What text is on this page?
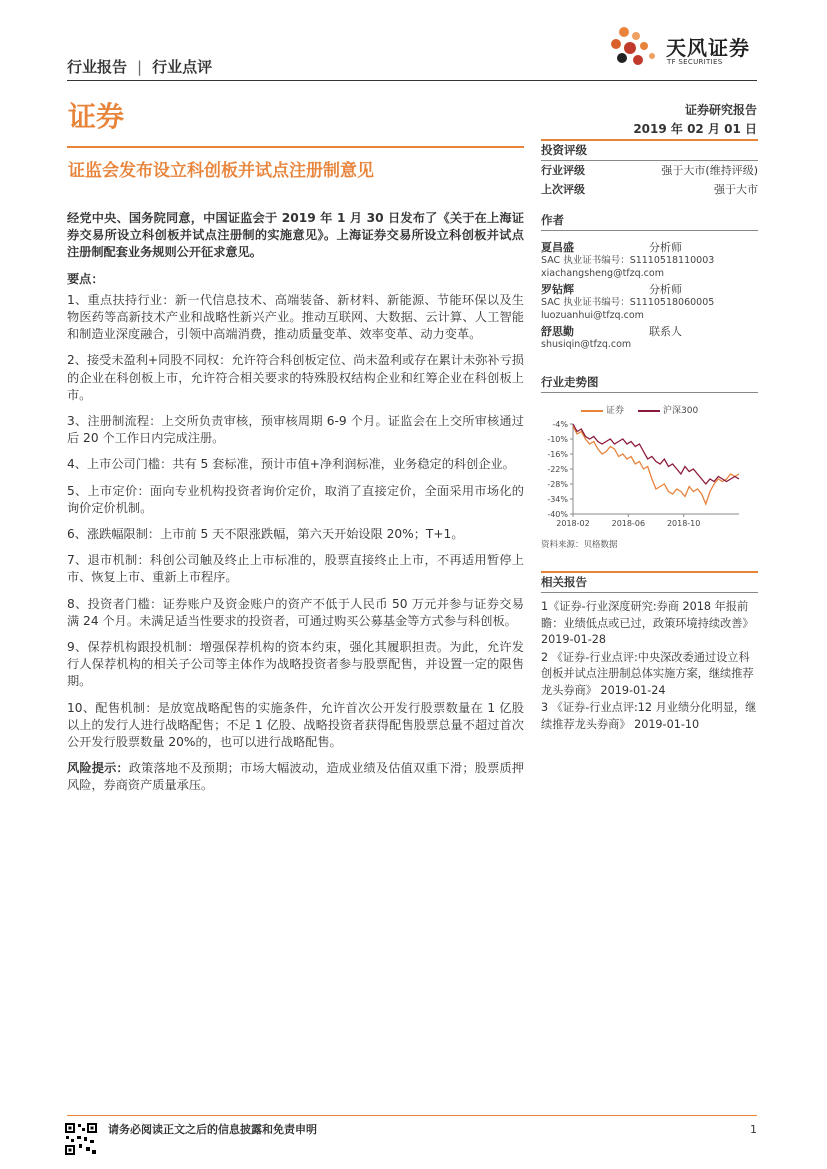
行业报告 | 行业点评
天风证券
TF SECURITIES
证券	证券研究报告
2019 年 02 月 01 日
证监会发布设立科创板并试点注册制意见

经党中央、国务院同意，中国证监会于 2019 年 1 月 30 日发布了《关于在上海证券交易所设立科创板并试点注册制的实施意见》。上海证券交易所设立科创板并试点注册制配套业务规则公开征求意见。

要点：

1、重点扶持行业：新一代信息技术、高端装备、新材料、新能源、节能环保以及生物医药等高新技术产业和战略性新兴产业。推动互联网、大数据、云计算、人工智能和制造业深度融合，引领中高端消费，推动质量变革、效率变革、动力变革。

2、接受未盈利+同股不同权：允许符合科创板定位、尚未盈利或存在累计未弥补亏损的企业在科创板上市，允许符合相关要求的特殊股权结构企业和红筹企业在科创板上市。

3、注册制流程：上交所负责审核，预审核周期 6-9 个月。证监会在上交所审核通过后 20 个工作日内完成注册。

4、上市公司门槛：共有 5 套标准，预计市值+净利润标准，业务稳定的科创企业。

5、上市定价：面向专业机构投资者询价定价，取消了直接定价，全面采用市场化的询价定价机制。

6、涨跌幅限制：上市前 5 天不限涨跌幅，第六天开始设限 20%；T+1。

7、退市机制：科创公司触及终止上市标准的，股票直接终止上市，不再适用暂停上市、恢复上市、重新上市程序。

8、投资者门槛：证券账户及资金账户的资产不低于人民币 50 万元并参与证券交易满 24 个月。未满足适当性要求的投资者，可通过购买公募基金等方式参与科创板。

9、保荐机构跟投机制：增强保荐机构的资本约束，强化其履职担责。为此，允许发行人保荐机构的相关子公司等主体作为战略投资者参与股票配售，并设置一定的限售期。

10、配售机制：是放宽战略配售的实施条件，允许首次公开发行股票数量在 1 亿股以上的发行人进行战略配售；不足 1 亿股、战略投资者获得配售股票总量不超过首次公开发行股票数量 20%的，也可以进行战略配售。

风险提示：政策落地不及预期；市场大幅波动，造成业绩及估值双重下滑；股票质押风险，券商资产质量承压。

投资评级
行业评级	强于大市(维持评级)
上次评级	强于大市
作者
夏昌盛	分析师
SAC 执业证书编号：S1110518110003
xiachangsheng@tfzq.com
罗钻辉	分析师
SAC 执业证书编号：S1110518060005
luozuanhui@tfzq.com
舒思勤	联系人
shusiqin@tfzq.com
行业走势图
证券	沪深300
-4%
-10%
-16%
-22%
-28%
-34%
-40%
2018-02	2018-06	2018-10
资料来源：贝格数据
相关报告

1《证券-行业深度研究:券商 2018 年报前瞻：业绩低点或已过，政策环境持续改善》 2019-01-28

2 《证券-行业点评:中央深改委通过设立科创板并试点注册制总体实施方案，继续推荐龙头券商》 2019-01-24

3 《证券-行业点评:12 月业绩分化明显，继续推荐龙头券商》 2019-01-10

请务必阅读正文之后的信息披露和免责申明	1
